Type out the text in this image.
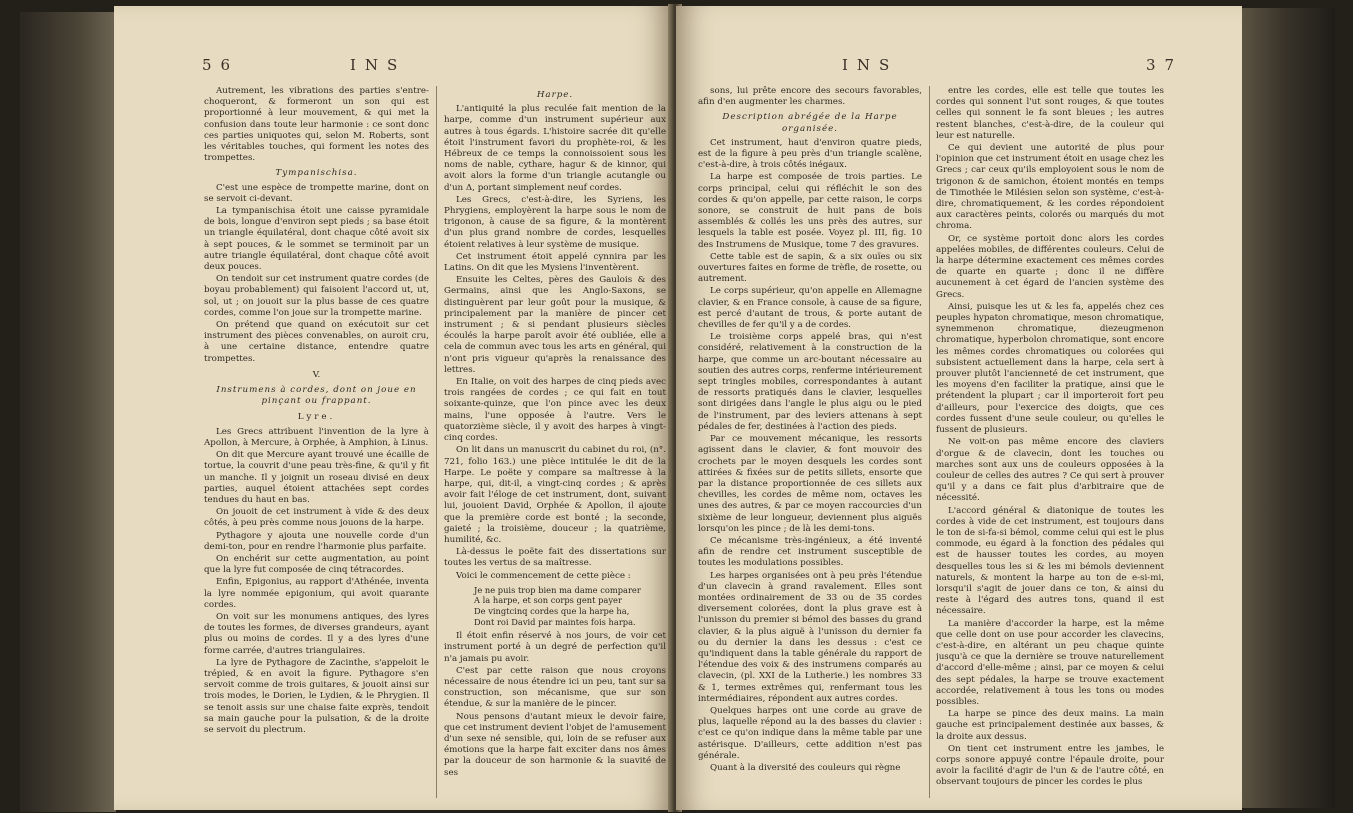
56	INS

Autrement, les vibrations des parties s'entre-choqueront, & formeront un son qui est proportionné à leur mouvement, & qui met la confusion dans toute leur harmonie : ce sont donc ces parties uniquotes qui, selon M. Roberts, sont les véritables touches, qui forment les notes des trompettes.

Tympanischisa.

C'est une espèce de trompette marine, dont on se servoit ci-devant.

La tympanischisa étoit une caisse pyramidale de bois, longue d'environ sept pieds ; sa base étoit un triangle équilatéral, dont chaque côté avoit six à sept pouces, & le sommet se terminoit par un autre triangle équilatéral, dont chaque côté avoit deux pouces.

On tendoit sur cet instrument quatre cordes (de boyau probablement) qui faisoient l'accord ut, ut, sol, ut ; on jouoit sur la plus basse de ces quatre cordes, comme l'on joue sur la trompette marine.

On prétend que quand on exécutoit sur cet instrument des pièces convenables, on auroit cru, à une certaine distance, entendre quatre trompettes.

V.

Instrumens à cordes, dont on joue en pinçant ou frappant.

Lyre.

Les Grecs attribuent l'invention de la lyre à Apollon, à Mercure, à Orphée, à Amphion, à Linus.

On dit que Mercure ayant trouvé une écaille de tortue, la couvrit d'une peau très-fine, & qu'il y fit un manche. Il y joignit un roseau divisé en deux parties, auquel étoient attachées sept cordes tendues du haut en bas.

On jouoit de cet instrument à vide & des deux côtés, à peu près comme nous jouons de la harpe.

Pythagore y ajouta une nouvelle corde d'un demi-ton, pour en rendre l'harmonie plus parfaite.

On enchérit sur cette augmentation, au point que la lyre fut composée de cinq tétracordes.

Enfin, Epigonius, au rapport d'Athénée, inventa la lyre nommée epigonium, qui avoit quarante cordes.

On voit sur les monumens antiques, des lyres de toutes les formes, de diverses grandeurs, ayant plus ou moins de cordes. Il y a des lyres d'une forme carrée, d'autres triangulaires.

La lyre de Pythagore de Zacinthe, s'appeloit le trépied, & en avoit la figure. Pythagore s'en servoit comme de trois guitares, & jouoit ainsi sur trois modes, le Dorien, le Lydien, & le Phrygien. Il se tenoit assis sur une chaise faite exprès, tendoit sa main gauche pour la pulsation, & de la droite se servoit du plectrum.

Harpe.

L'antiquité la plus reculée fait mention de la harpe, comme d'un instrument supérieur aux autres à tous égards. L'histoire sacrée dit qu'elle étoit l'instrument favori du prophète-roi, & les Hébreux de ce temps la connoissoient sous les noms de nable, cythare, hagur & de kinnor, qui avoit alors la forme d'un triangle acutangle ou d'un Δ, portant simplement neuf cordes.

Les Grecs, c'est-à-dire, les Syriens, les Phrygiens, employèrent la harpe sous le nom de trigonon, à cause de sa figure, & la montèrent d'un plus grand nombre de cordes, lesquelles étoient relatives à leur système de musique.

Cet instrument étoit appelé cynnira par les Latins. On dit que les Mysiens l'inventèrent.

Ensuite les Celtes, pères des Gaulois & des Germains, ainsi que les Anglo-Saxons, se distinguèrent par leur goût pour la musique, & principalement par la manière de pincer cet instrument ; & si pendant plusieurs siècles écoulés la harpe paroît avoir été oubliée, elle a cela de commun avec tous les arts en général, qui n'ont pris vigueur qu'après la renaissance des lettres.

En Italie, on voit des harpes de cinq pieds avec trois rangées de cordes ; ce qui fait en tout soixante-quinze, que l'on pince avec les deux mains, l'une opposée à l'autre. Vers le quatorzième siècle, il y avoit des harpes à vingt-cinq cordes.

On lit dans un manuscrit du cabinet du roi, (n°. 721, folio 163.) une pièce intitulée le dit de la Harpe. Le poëte y compare sa maîtresse à la harpe, qui, dit-il, a vingt-cinq cordes ; & après avoir fait l'éloge de cet instrument, dont, suivant lui, jouoient David, Orphée & Apollon, il ajoute que la première corde est bonté ; la seconde, gaieté ; la troisième, douceur ; la quatrième, humilité, &c.

Là-dessus le poëte fait des dissertations sur toutes les vertus de sa maîtresse.

Voici le commencement de cette pièce :

Je ne puis trop bien ma dame comparer
A la harpe, et son corps gent payer
De vingtcinq cordes que la harpe ha,
Dont roi David par maintes fois harpa.

Il étoit enfin réservé à nos jours, de voir cet instrument porté à un degré de perfection qu'il n'a jamais pu avoir.

C'est par cette raison que nous croyons nécessaire de nous étendre ici un peu, tant sur sa construction, son mécanisme, que sur son étendue, & sur la manière de le pincer.

Nous pensons d'autant mieux le devoir faire, que cet instrument devient l'objet de l'amusement d'un sexe né sensible, qui, loin de se refuser aux émotions que la harpe fait exciter dans nos âmes par la douceur de son harmonie & la suavité de ses

INS	37

sons, lui prête encore des secours favorables, afin d'en augmenter les charmes.

Description abrégée de la Harpe organisée.

Cet instrument, haut d'environ quatre pieds, est de la figure à peu près d'un triangle scalène, c'est-à-dire, à trois côtés inégaux.

La harpe est composée de trois parties. Le corps principal, celui qui réfléchit le son des cordes & qu'on appelle, par cette raison, le corps sonore, se construit de huit pans de bois assemblés & collés les uns près des autres, sur lesquels la table est posée. Voyez pl. III, fig. 10 des Instrumens de Musique, tome 7 des gravures.

Cette table est de sapin, & a six ouïes ou six ouvertures faites en forme de trèfle, de rosette, ou autrement.

Le corps supérieur, qu'on appelle en Allemagne clavier, & en France console, à cause de sa figure, est percé d'autant de trous, & porte autant de chevilles de fer qu'il y a de cordes.

Le troisième corps appelé bras, qui n'est considéré, relativement à la construction de la harpe, que comme un arc-boutant nécessaire au soutien des autres corps, renferme intérieurement sept tringles mobiles, correspondantes à autant de ressorts pratiqués dans le clavier, lesquelles sont dirigées dans l'angle le plus aigu ou le pied de l'instrument, par des leviers attenans à sept pédales de fer, destinées à l'action des pieds.

Par ce mouvement mécanique, les ressorts agissent dans le clavier, & font mouvoir des crochets par le moyen desquels les cordes sont attirées & fixées sur de petits sillets, ensorte que par la distance proportionnée de ces sillets aux chevilles, les cordes de même nom, octaves les unes des autres, & par ce moyen raccourcies d'un sixième de leur longueur, deviennent plus aiguës lorsqu'on les pince ; de là les demi-tons.

Ce mécanisme très-ingénieux, a été inventé afin de rendre cet instrument susceptible de toutes les modulations possibles.

Les harpes organisées ont à peu près l'étendue d'un clavecin à grand ravalement. Elles sont montées ordinairement de 33 ou de 35 cordes diversement colorées, dont la plus grave est à l'unisson du premier si bémol des basses du grand clavier, & la plus aiguë à l'unisson du dernier fa ou du dernier la dans les dessus : c'est ce qu'indiquent dans la table générale du rapport de l'étendue des voix & des instrumens comparés au clavecin, (pl. XXI de la Lutherie.) les nombres 33 & 1, termes extrêmes qui, renfermant tous les intermédiaires, répondent aux autres cordes.

Quelques harpes ont une corde au grave de plus, laquelle répond au la des basses du clavier : c'est ce qu'on indique dans la même table par une astérisque. D'ailleurs, cette addition n'est pas générale.

Quant à la diversité des couleurs qui règne

entre les cordes, elle est telle que toutes les cordes qui sonnent l'ut sont rouges, & que toutes celles qui sonnent le fa sont bleues ; les autres restent blanches, c'est-à-dire, de la couleur qui leur est naturelle.

Ce qui devient une autorité de plus pour l'opinion que cet instrument étoit en usage chez les Grecs ; car ceux qu'ils employoient sous le nom de trigonon & de samichon, étoient montés en temps de Timothée le Milésien selon son système, c'est-à-dire, chromatiquement, & les cordes répondoient aux caractères peints, colorés ou marqués du mot chroma.

Or, ce système portoit donc alors les cordes appelées mobiles, de différentes couleurs. Celui de la harpe détermine exactement ces mêmes cordes de quarte en quarte ; donc il ne diffère aucunement à cet égard de l'ancien système des Grecs.

Ainsi, puisque les ut & les fa, appelés chez ces peuples hypaton chromatique, meson chromatique, synemmenon chromatique, diezeugmenon chromatique, hyperbolon chromatique, sont encore les mêmes cordes chromatiques ou colorées qui subsistent actuellement dans la harpe, cela sert à prouver plutôt l'ancienneté de cet instrument, que les moyens d'en faciliter la pratique, ainsi que le prétendent la plupart ; car il importeroit fort peu d'ailleurs, pour l'exercice des doigts, que ces cordes fussent d'une seule couleur, ou qu'elles le fussent de plusieurs.

Ne voit-on pas même encore des claviers d'orgue & de clavecin, dont les touches ou marches sont aux uns de couleurs opposées à la couleur de celles des autres ? Ce qui sert à prouver qu'il y a dans ce fait plus d'arbitraire que de nécessité.

L'accord général & diatonique de toutes les cordes à vide de cet instrument, est toujours dans le ton de si-fa-si bémol, comme celui qui est le plus commode, eu égard à la fonction des pédales qui est de hausser toutes les cordes, au moyen desquelles tous les si & les mi bémols deviennent naturels, & montent la harpe au ton de e-si-mi, lorsqu'il s'agit de jouer dans ce ton, & ainsi du reste à l'égard des autres tons, quand il est nécessaire.

La manière d'accorder la harpe, est la même que celle dont on use pour accorder les clavecins, c'est-à-dire, en altérant un peu chaque quinte jusqu'à ce que la dernière se trouve naturellement d'accord d'elle-même ; ainsi, par ce moyen & celui des sept pédales, la harpe se trouve exactement accordée, relativement à tous les tons ou modes possibles.

La harpe se pince des deux mains. La main gauche est principalement destinée aux basses, & la droite aux dessus.

On tient cet instrument entre les jambes, le corps sonore appuyé contre l'épaule droite, pour avoir la facilité d'agir de l'un & de l'autre côté, en observant toujours de pincer les cordes le plus
